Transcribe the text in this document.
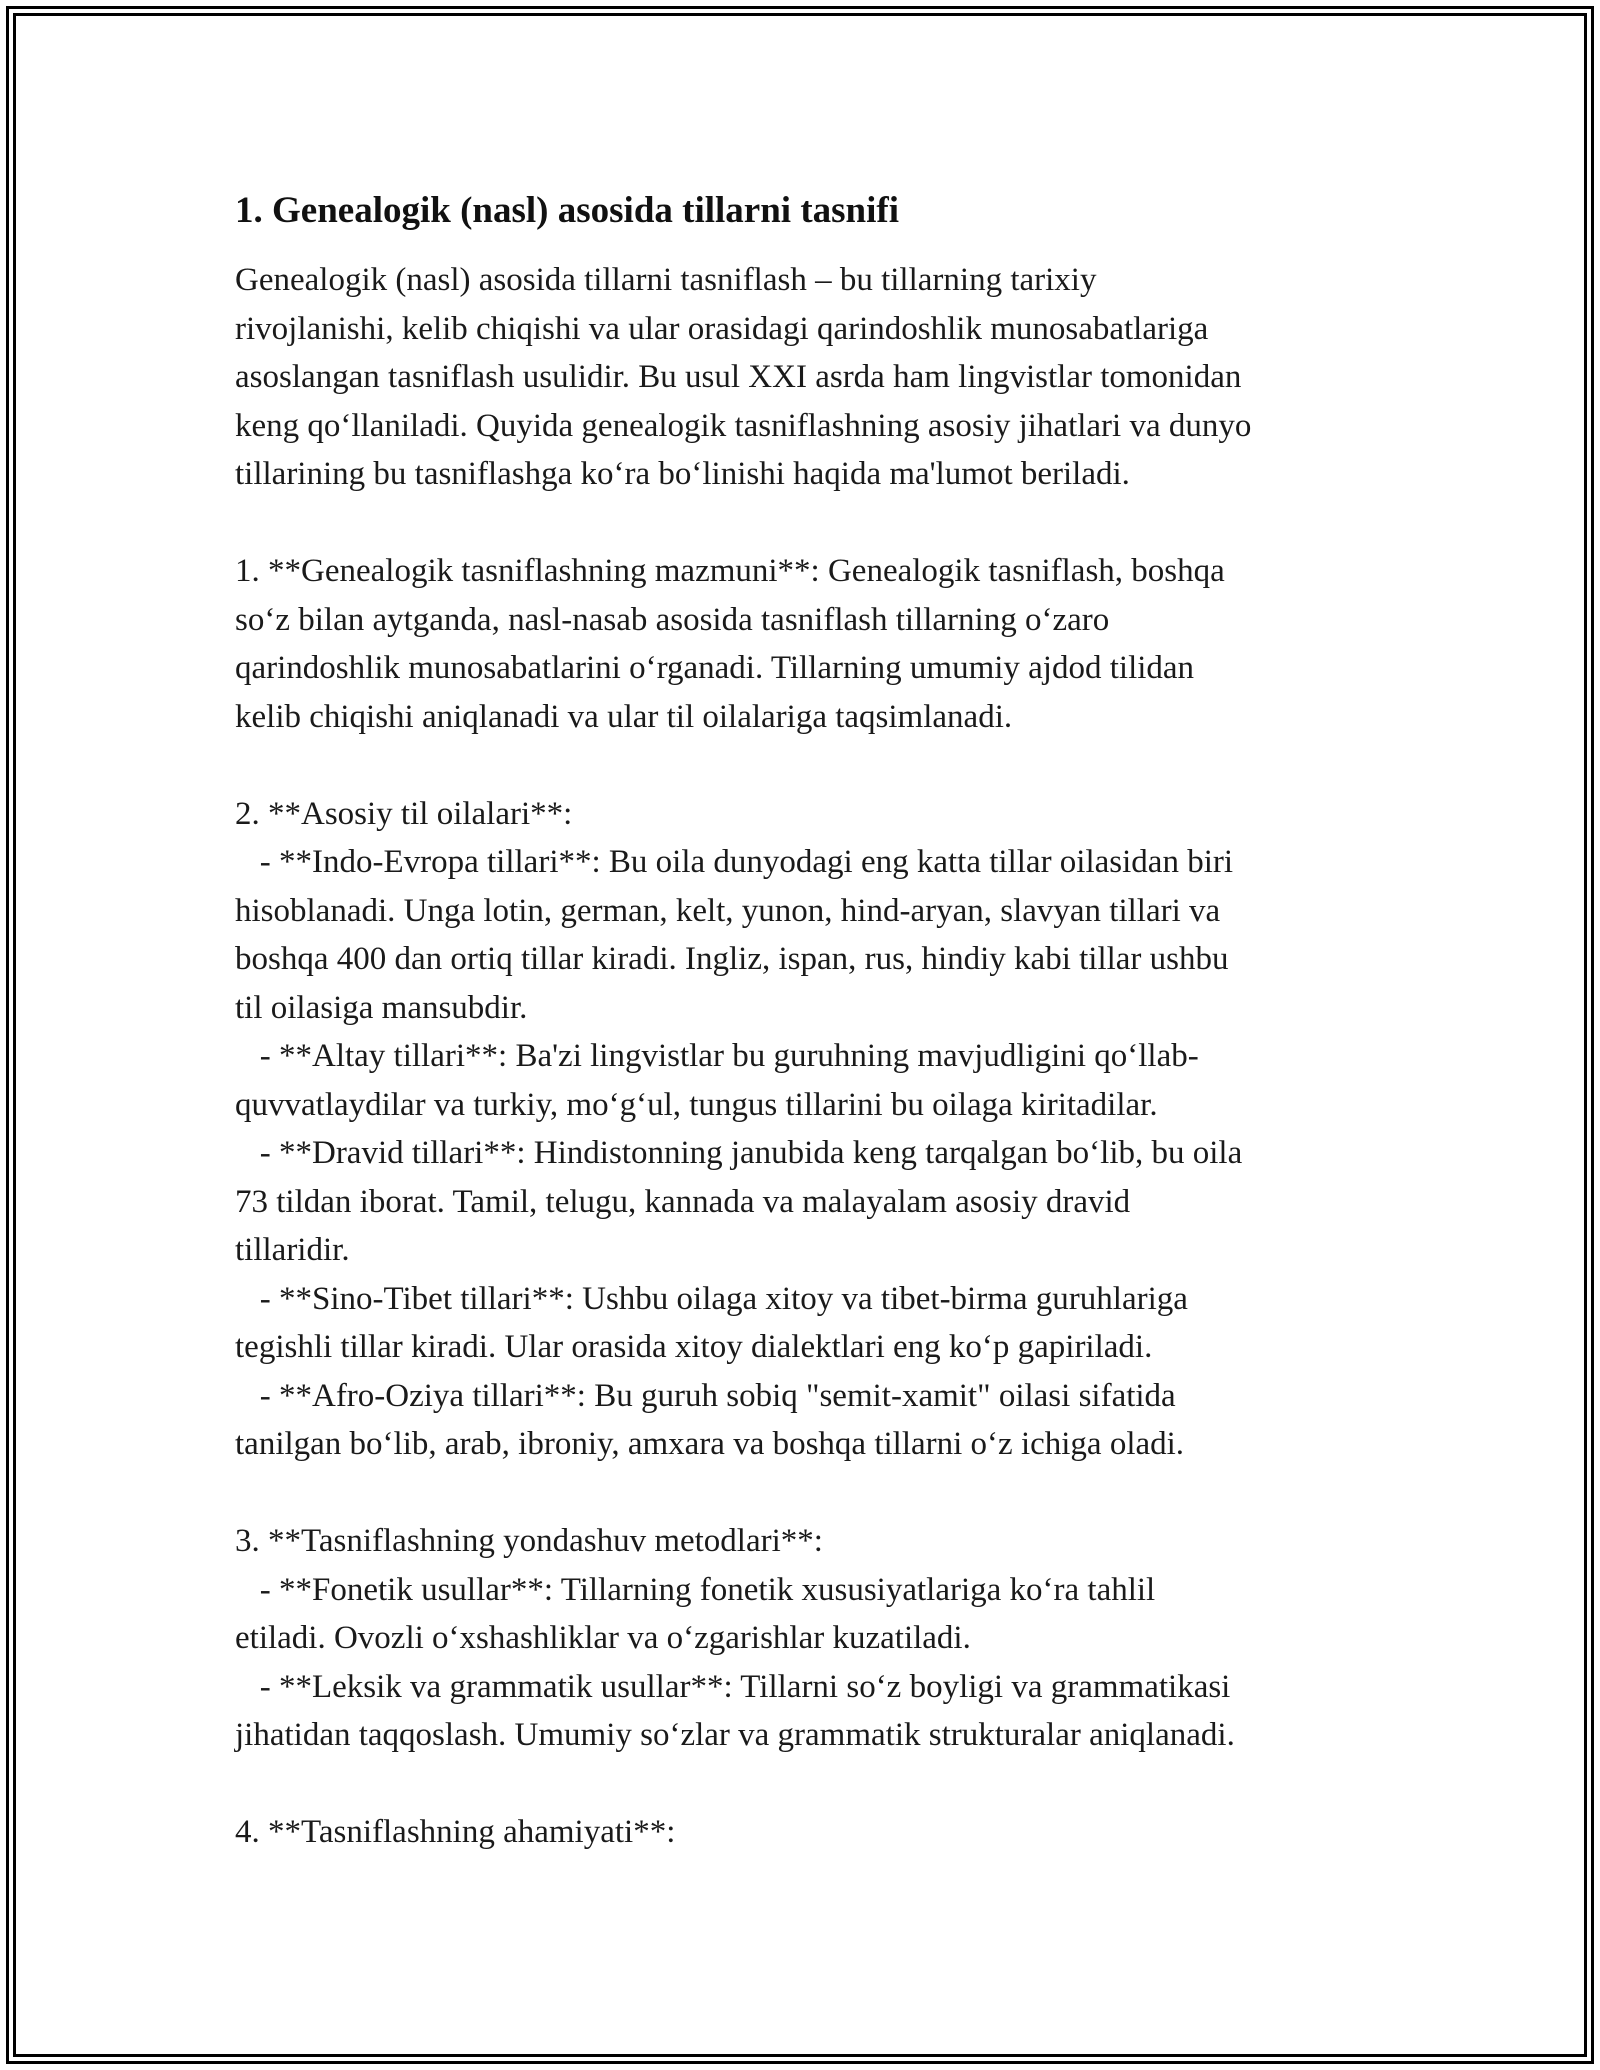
1. Genealogik (nasl) asosida tillarni tasnifi
Genealogik (nasl) asosida tillarni tasniflash – bu tillarning tarixiy
rivojlanishi, kelib chiqishi va ular orasidagi qarindoshlik munosabatlariga
asoslangan tasniflash usulidir. Bu usul XXI asrda ham lingvistlar tomonidan
keng qo‘llaniladi. Quyida genealogik tasniflashning asosiy jihatlari va dunyo
tillarining bu tasniflashga ko‘ra bo‘linishi haqida ma'lumot beriladi.
1. **Genealogik tasniflashning mazmuni**: Genealogik tasniflash, boshqa
so‘z bilan aytganda, nasl-nasab asosida tasniflash tillarning o‘zaro
qarindoshlik munosabatlarini o‘rganadi. Tillarning umumiy ajdod tilidan
kelib chiqishi aniqlanadi va ular til oilalariga taqsimlanadi.
2. **Asosiy til oilalari**:
- **Indo-Evropa tillari**: Bu oila dunyodagi eng katta tillar oilasidan biri
hisoblanadi. Unga lotin, german, kelt, yunon, hind-aryan, slavyan tillari va
boshqa 400 dan ortiq tillar kiradi. Ingliz, ispan, rus, hindiy kabi tillar ushbu
til oilasiga mansubdir.
- **Altay tillari**: Ba'zi lingvistlar bu guruhning mavjudligini qo‘llab-
quvvatlaydilar va turkiy, mo‘g‘ul, tungus tillarini bu oilaga kiritadilar.
- **Dravid tillari**: Hindistonning janubida keng tarqalgan bo‘lib, bu oila
73 tildan iborat. Tamil, telugu, kannada va malayalam asosiy dravid
tillaridir.
- **Sino-Tibet tillari**: Ushbu oilaga xitoy va tibet-birma guruhlariga
tegishli tillar kiradi. Ular orasida xitoy dialektlari eng ko‘p gapiriladi.
- **Afro-Oziya tillari**: Bu guruh sobiq "semit-xamit" oilasi sifatida
tanilgan bo‘lib, arab, ibroniy, amxara va boshqa tillarni o‘z ichiga oladi.
3. **Tasniflashning yondashuv metodlari**:
- **Fonetik usullar**: Tillarning fonetik xususiyatlariga ko‘ra tahlil
etiladi. Ovozli o‘xshashliklar va o‘zgarishlar kuzatiladi.
- **Leksik va grammatik usullar**: Tillarni so‘z boyligi va grammatikasi
jihatidan taqqoslash. Umumiy so‘zlar va grammatik strukturalar aniqlanadi.
4. **Tasniflashning ahamiyati**:
